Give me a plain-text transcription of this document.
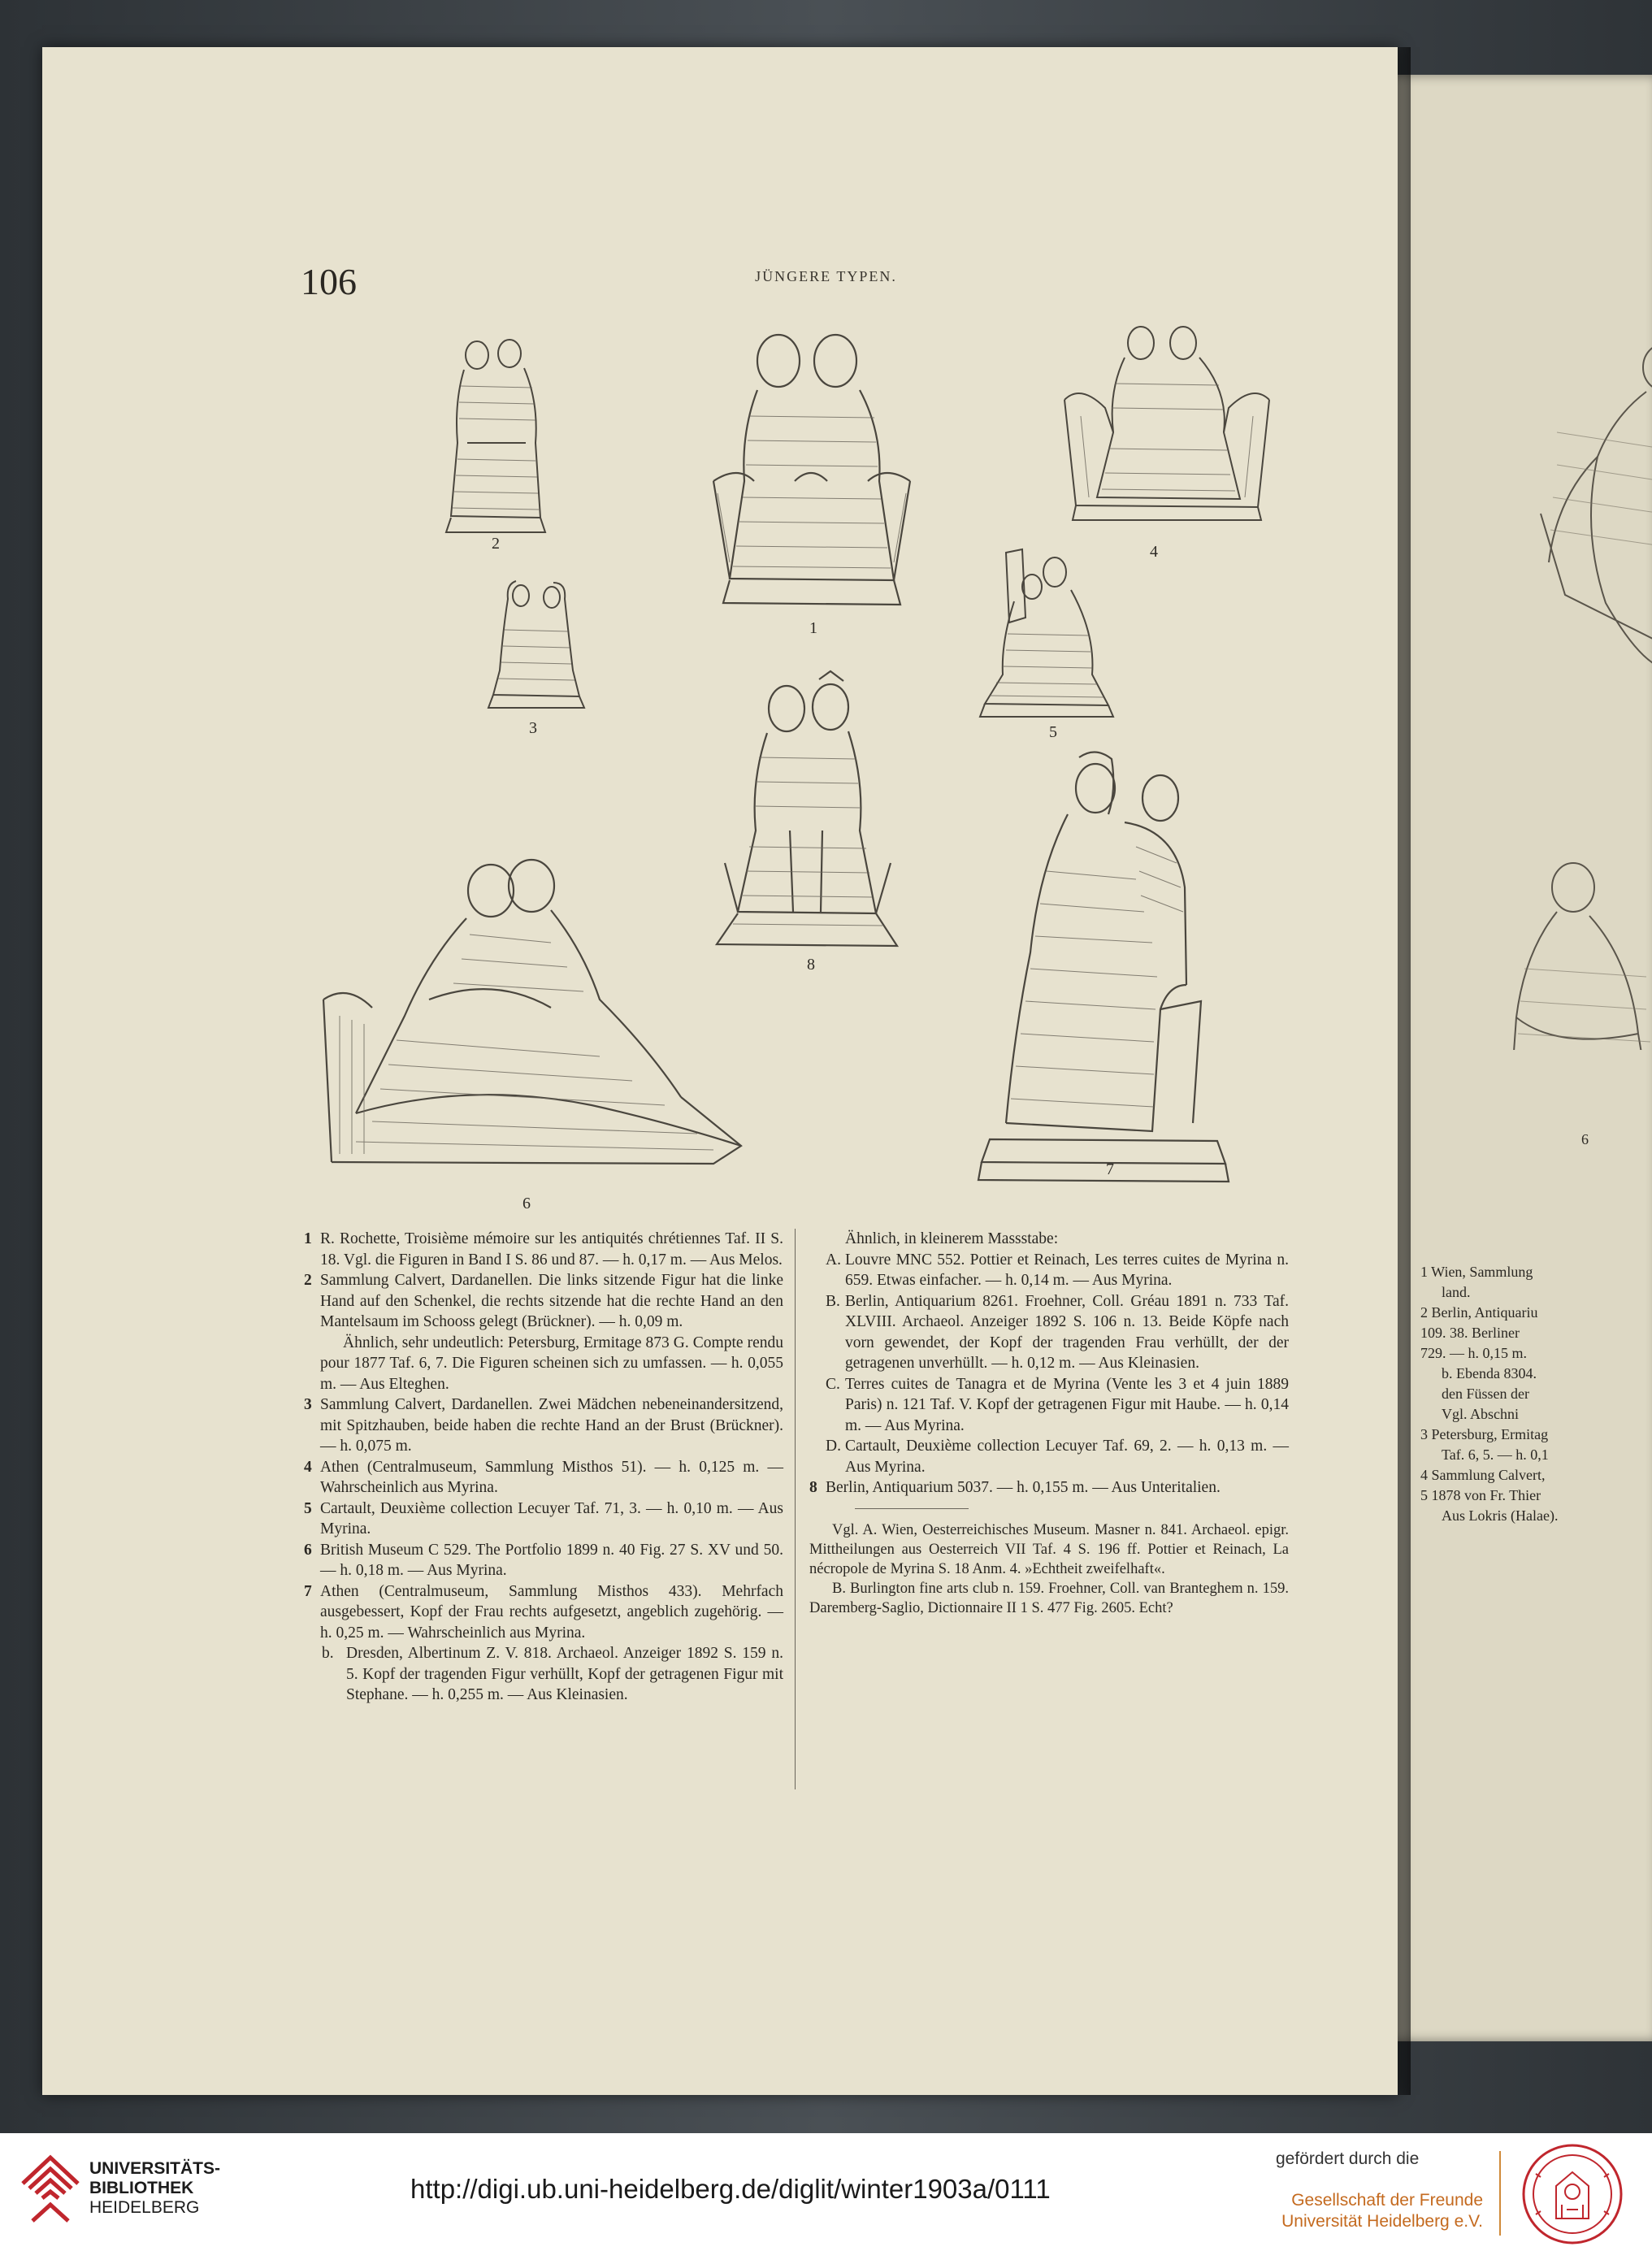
6
1 Wien, Sammlung
land.
2 Berlin, Antiquariu
109. 38. Berliner
729. — h. 0,15 m.
b. Ebenda 8304.
den Füssen der
Vgl. Abschni
3 Petersburg, Ermitag
Taf. 6, 5. — h. 0,1
4 Sammlung Calvert,
5 1878 von Fr. Thier
Aus Lokris (Halae).
106	JÜNGERE TYPEN.
2
3
1
4
5
8
6
7
1 R. Rochette, Troisième mémoire sur les antiquités chrétiennes Taf. II S. 18. Vgl. die Figuren in Band I S. 86 und 87. — h. 0,17 m. — Aus Melos.
2 Sammlung Calvert, Dardanellen. Die links sitzende Figur hat die linke Hand auf den Schenkel, die rechts sitzende hat die rechte Hand an den Mantelsaum im Schooss gelegt (Brückner). — h. 0,09 m.
Ähnlich, sehr undeutlich: Petersburg, Ermitage 873 G. Compte rendu pour 1877 Taf. 6, 7. Die Figuren scheinen sich zu umfassen. — h. 0,055 m. — Aus Elteghen.
3 Sammlung Calvert, Dardanellen. Zwei Mädchen nebeneinandersitzend, mit Spitzhauben, beide haben die rechte Hand an der Brust (Brückner). — h. 0,075 m.
4 Athen (Centralmuseum, Sammlung Misthos 51). — h. 0,125 m. — Wahrscheinlich aus Myrina.
5 Cartault, Deuxième collection Lecuyer Taf. 71, 3. — h. 0,10 m. — Aus Myrina.
6 British Museum C 529. The Portfolio 1899 n. 40 Fig. 27 S. XV und 50. — h. 0,18 m. — Aus Myrina.
7 Athen (Centralmuseum, Sammlung Misthos 433). Mehrfach ausgebessert, Kopf der Frau rechts aufgesetzt, angeblich zugehörig. — h. 0,25 m. — Wahrscheinlich aus Myrina.
b. Dresden, Albertinum Z. V. 818. Archaeol. Anzeiger 1892 S. 159 n. 5. Kopf der tragenden Figur verhüllt, Kopf der getragenen Figur mit Stephane. — h. 0,255 m. — Aus Kleinasien.
Ähnlich, in kleinerem Massstabe:
A. Louvre MNC 552. Pottier et Reinach, Les terres cuites de Myrina n. 659. Etwas einfacher. — h. 0,14 m. — Aus Myrina.
B. Berlin, Antiquarium 8261. Froehner, Coll. Gréau 1891 n. 733 Taf. XLVIII. Archaeol. Anzeiger 1892 S. 106 n. 13. Beide Köpfe nach vorn gewendet, der Kopf der tragenden Frau verhüllt, der der getragenen unverhüllt. — h. 0,12 m. — Aus Kleinasien.
C. Terres cuites de Tanagra et de Myrina (Vente les 3 et 4 juin 1889 Paris) n. 121 Taf. V. Kopf der getragenen Figur mit Haube. — h. 0,14 m. — Aus Myrina.
D. Cartault, Deuxième collection Lecuyer Taf. 69, 2. — h. 0,13 m. — Aus Myrina.
8 Berlin, Antiquarium 5037. — h. 0,155 m. — Aus Unteritalien.
Vgl. A. Wien, Oesterreichisches Museum. Masner n. 841. Archaeol. epigr. Mittheilungen aus Oesterreich VII Taf. 4 S. 196 ff. Pottier et Reinach, La nécropole de Myrina S. 18 Anm. 4. »Echtheit zweifelhaft«.
B. Burlington fine arts club n. 159. Froehner, Coll. van Branteghem n. 159. Daremberg-Saglio, Dictionnaire II 1 S. 477 Fig. 2605. Echt?
UNIVERSITÄTS-
BIBLIOTHEK
HEIDELBERG
http://digi.ub.uni-heidelberg.de/diglit/winter1903a/0111
gefördert durch die
Gesellschaft der Freunde
Universität Heidelberg e.V.
